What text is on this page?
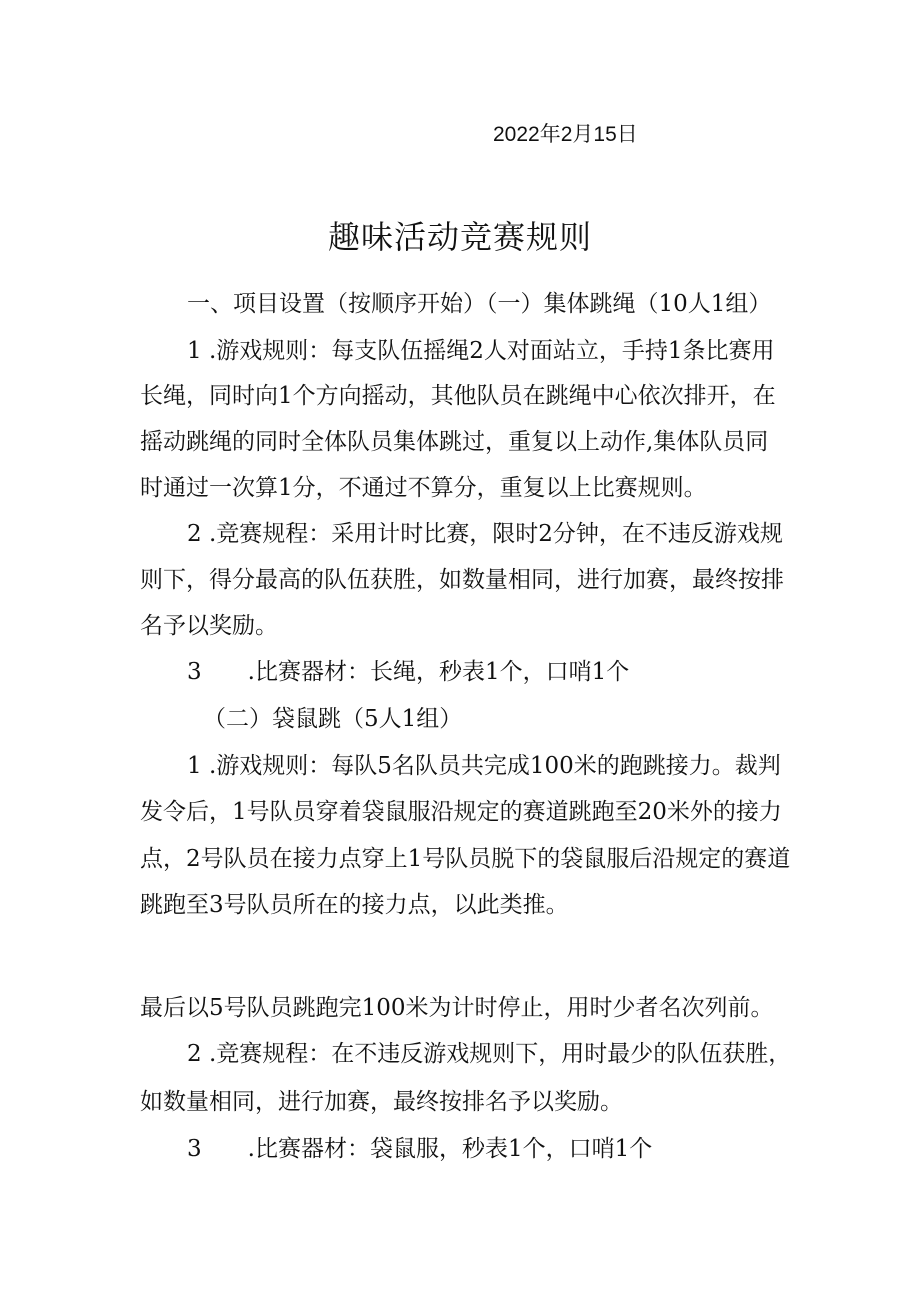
2022年2月15日
趣味活动竞赛规则
一、项目设置（按顺序开始）（一）集体跳绳（10人1组）
1 .游戏规则：每支队伍摇绳2人对面站立，手持1条比赛用
长绳，同时向1个方向摇动，其他队员在跳绳中心依次排开，在
摇动跳绳的同时全体队员集体跳过，重复以上动作,集体队员同
时通过一次算1分，不通过不算分，重复以上比赛规则。
2 .竞赛规程：采用计时比赛，限时2分钟，在不违反游戏规
则下，得分最高的队伍获胜，如数量相同，进行加赛，最终按排
名予以奖励。
3 .比赛器材：长绳，秒表1个，口哨1个
（二）袋鼠跳（5人1组）
1 .游戏规则：每队5名队员共完成100米的跑跳接力。裁判
发令后，1号队员穿着袋鼠服沿规定的赛道跳跑至20米外的接力
点，2号队员在接力点穿上1号队员脱下的袋鼠服后沿规定的赛道
跳跑至3号队员所在的接力点，以此类推。
最后以5号队员跳跑完100米为计时停止，用时少者名次列前。
2 .竞赛规程：在不违反游戏规则下，用时最少的队伍获胜，
如数量相同，进行加赛，最终按排名予以奖励。
3 .比赛器材：袋鼠服，秒表1个，口哨1个
